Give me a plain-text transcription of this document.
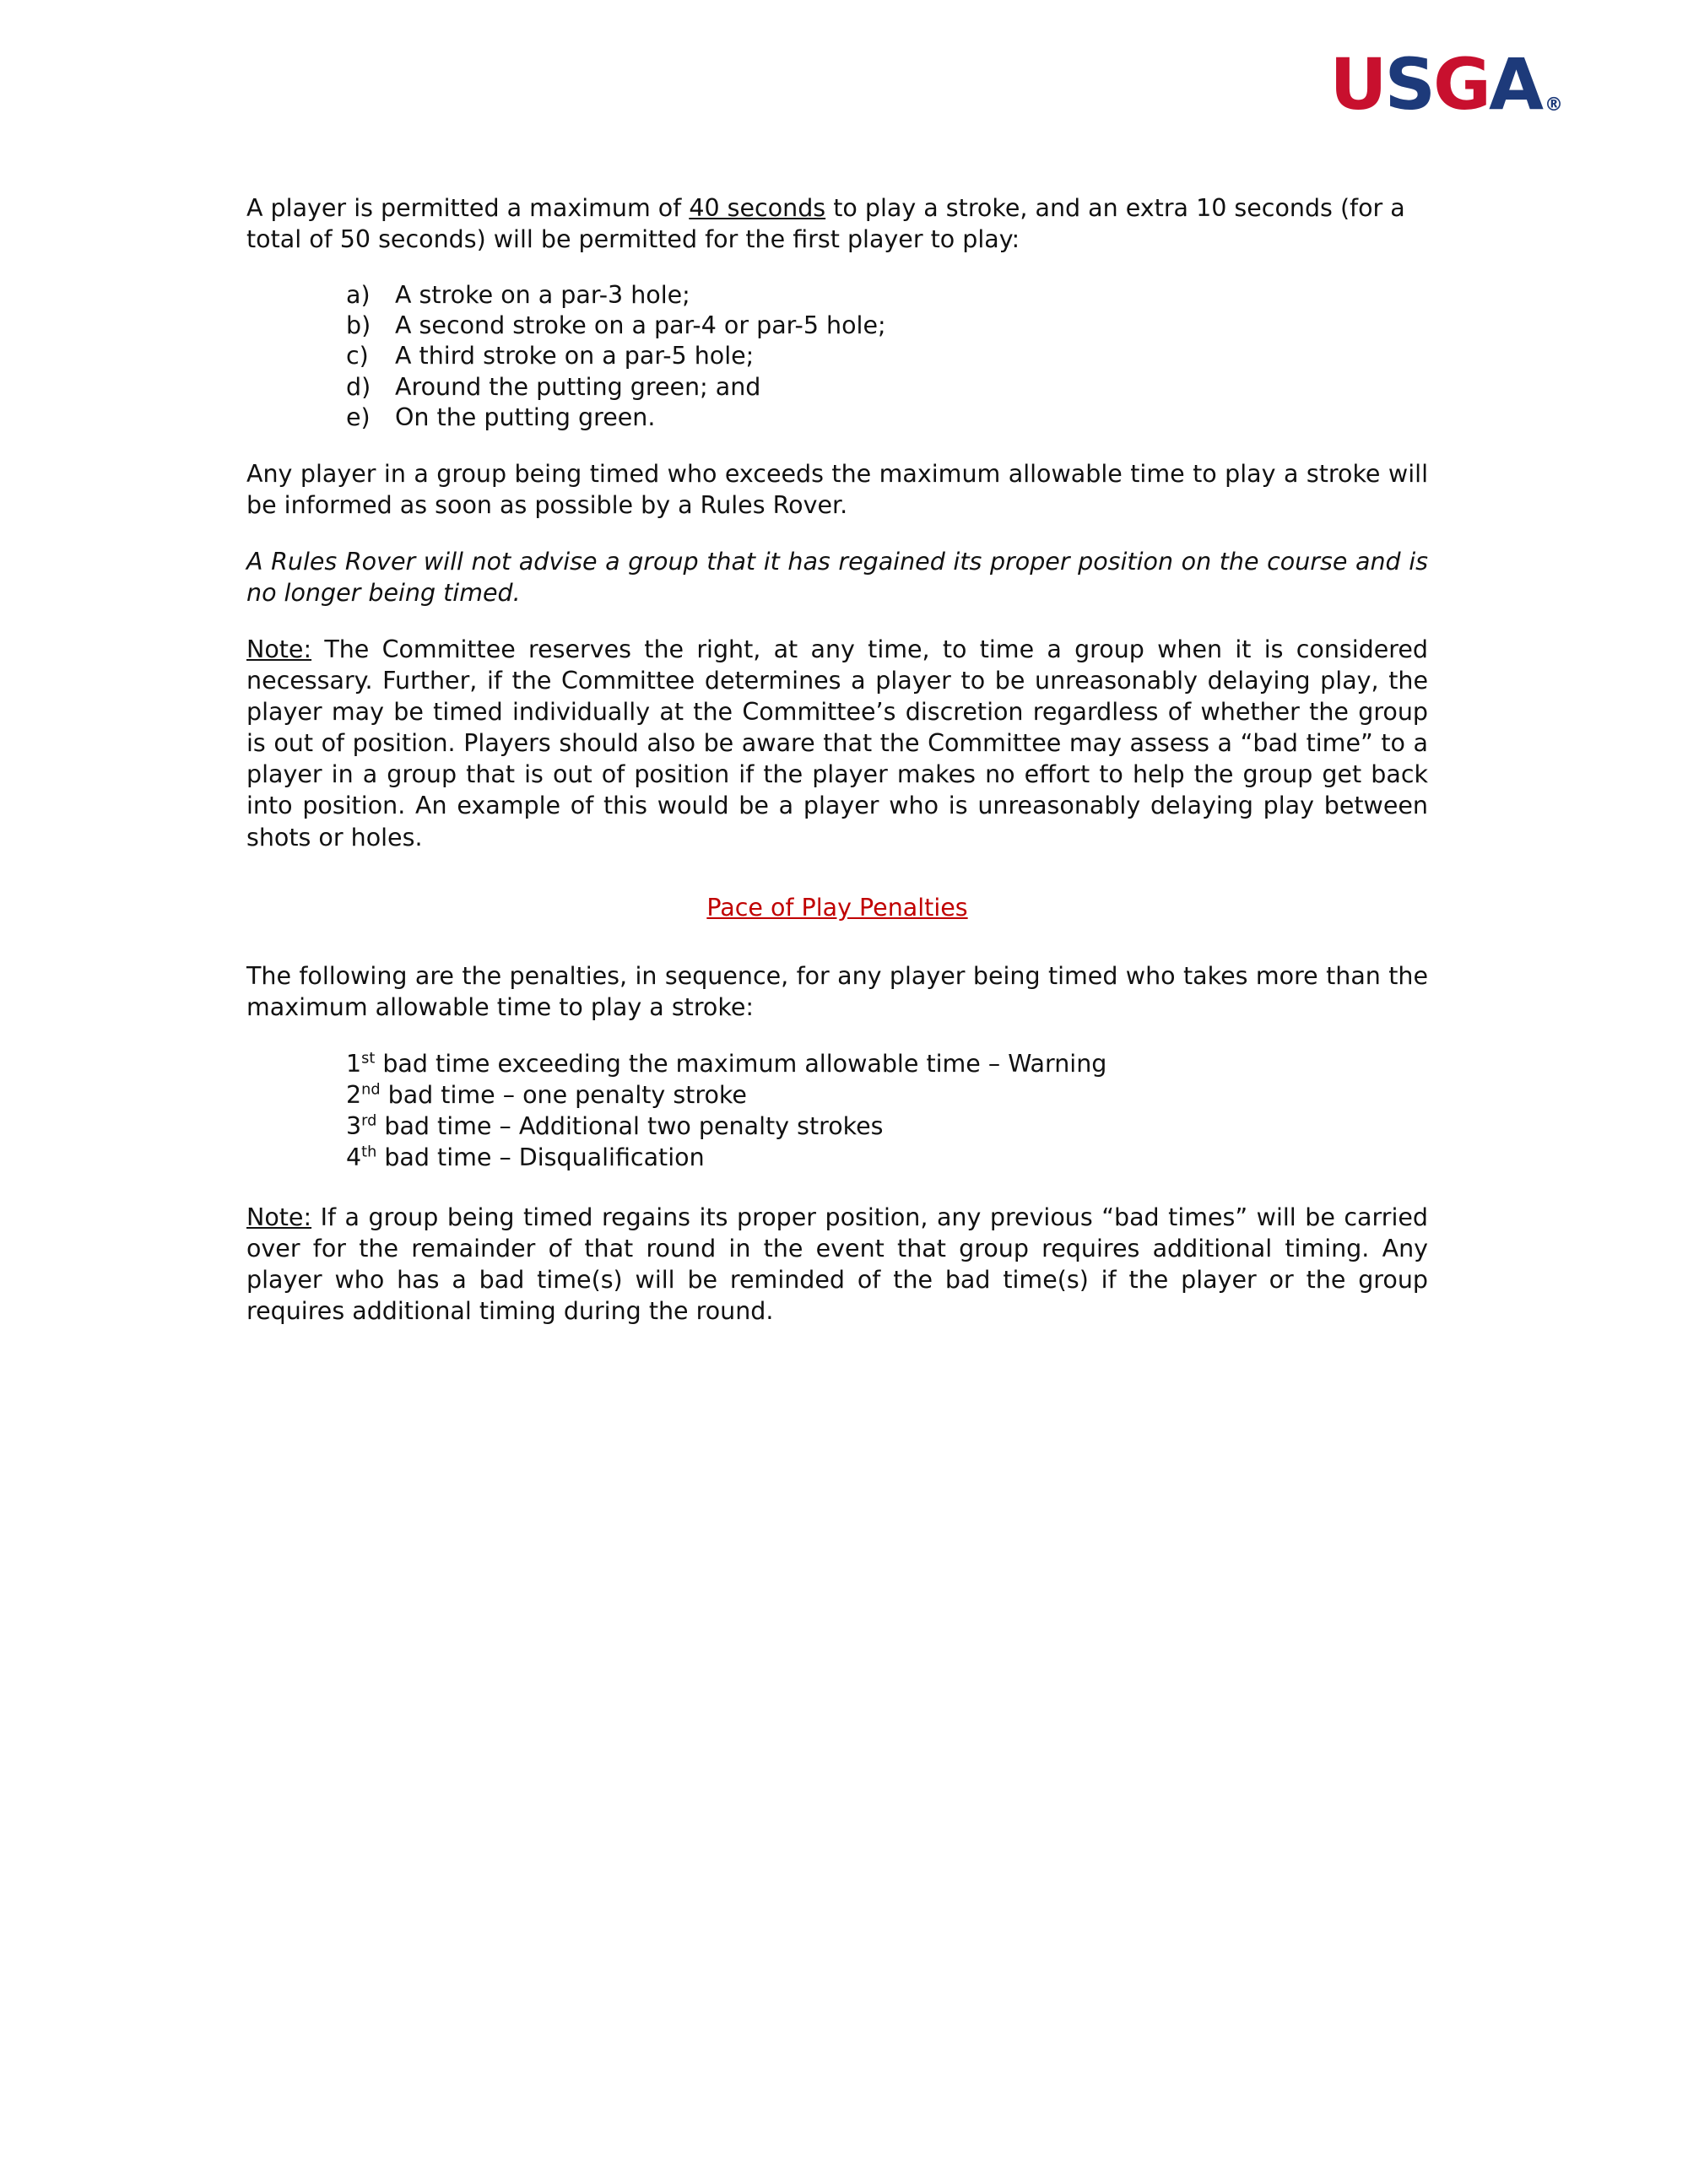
U S G A ®

A player is permitted a maximum of 40 seconds to play a stroke, and an extra 10 seconds (for a total of 50 seconds) will be permitted for the first player to play:

a)	A stroke on a par-3 hole;
b)	A second stroke on a par-4 or par-5 hole;
c)	A third stroke on a par-5 hole;
d)	Around the putting green; and
e)	On the putting green.

Any player in a group being timed who exceeds the maximum allowable time to play a stroke will be informed as soon as possible by a Rules Rover.

A Rules Rover will not advise a group that it has regained its proper position on the course and is no longer being timed.

Note: The Committee reserves the right, at any time, to time a group when it is considered necessary. Further, if the Committee determines a player to be unreasonably delaying play, the player may be timed individually at the Committee’s discretion regardless of whether the group is out of position. Players should also be aware that the Committee may assess a “bad time” to a player in a group that is out of position if the player makes no effort to help the group get back into position. An example of this would be a player who is unreasonably delaying play between shots or holes.

Pace of Play Penalties

The following are the penalties, in sequence, for any player being timed who takes more than the maximum allowable time to play a stroke:

1st bad time exceeding the maximum allowable time – Warning
2nd bad time – one penalty stroke
3rd bad time – Additional two penalty strokes
4th bad time – Disqualification

Note: If a group being timed regains its proper position, any previous “bad times” will be carried over for the remainder of that round in the event that group requires additional timing. Any player who has a bad time(s) will be reminded of the bad time(s) if the player or the group requires additional timing during the round.
